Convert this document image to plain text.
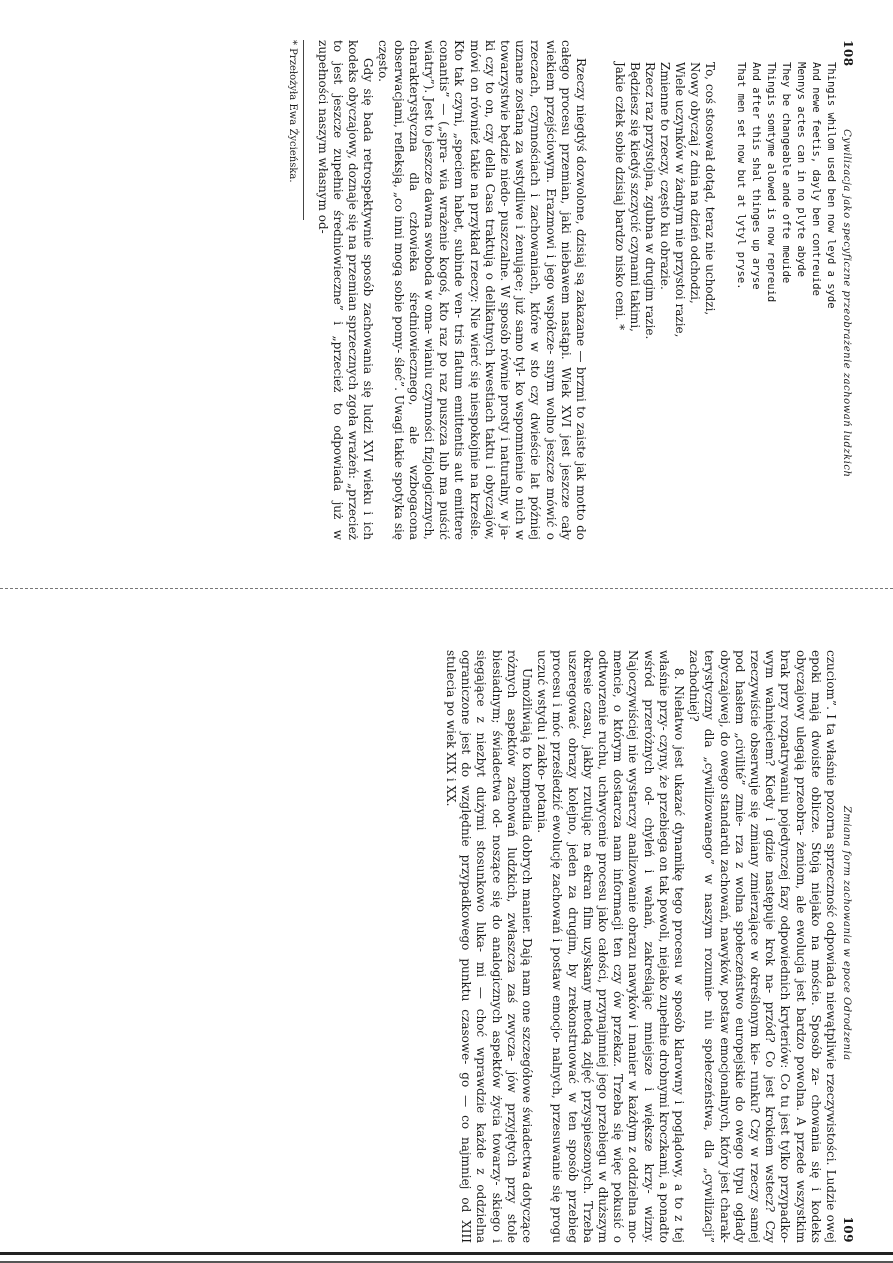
108
Cywilizacja jako specyficzne przeobrażenie zachowań ludzkich
Thingis whilom used ben now leyd a syde
And newe feetis, dayly ben contreuide
Mennys actes can in no plyte abyde
They be changeable ande ofte meuide
Thingis somtyme alowed is now repreuid
And after this shal thinges up aryse
That men set now but at lytyl pryse.
To, coś stosował dotąd, teraz nie uchodzi,
Nowy obyczaj z dnia na dzień odchodzi,
Wiele uczynków w żadnym nie przystoi razie,
Zmienne to rzeczy, często ku obrazie.
Rzecz raz przystojna, zgubna w drugim razie.
Będziesz się kiedyś szczycić czynami takimi,
Jakie człek sobie dzisiaj bardzo nisko ceni. *

Rzeczy niegdyś dozwolone, dzisiaj są zakazane — brzmi to zaiste jak motto do całego procesu przemian, jaki niebawem nastąpi. Wiek XVI jest jeszcze cały wiekiem przejściowym. Erazmowi i jego współcze- snym wolno jeszcze mówić o rzeczach, czynnościach i zachowaniach, które w sto czy dwieście lat później uznane zostaną za wstydliwe i żenujące; już samo tyl- ko wspomnienie o nich w towarzystwie będzie niedo- puszczalne. W sposób równie prosty i naturalny, w ja- ki czy to on, czy della Casa traktują o delikatnych kwestiach taktu i obyczajów, mówi on również takie na przykład rzeczy: Nie wierć się niespokojnie na krześle. Kto tak czyni, „speciem habet, subinde ven- tris flatum emittentis aut emittere conantis” — („spra- wia wrażenie kogoś, kto raz po raz puszcza lub ma puścić wiatry”). Jest to jeszcze dawna swoboda w oma- wianiu czynności fizjologicznych, charakterystyczna dla człowieka średniowiecznego, ale wzbogacona obserwacjami, refleksją, „co inni mogą sobie pomy- śleć”. Uwagi takie spotyka się często.

Gdy się bada retrospektywnie sposób zachowania się ludzi XVI wieku i ich kodeks obyczajowy, doznaje się na przemian sprzecznych zgoła wrażeń: „przecież to jest jeszcze zupełnie średniowieczne” i „przecież to odpowiada już w zupełności naszym własnym od-

* Przełożyła Ewa Życieńska.

Zmiana form zachowania w epoce Odrodzenia
109

czuciom”. I ta właśnie pozorna sprzeczność odpowiada niewątpliwie rzeczywistości. Ludzie owej epoki mają dwoiste oblicze. Stoją niejako na moście. Sposób za- chowania się i kodeks obyczajowy ulegają przeobra- żeniom, ale ewolucja jest bardzo powolna. A przede wszystkim brak przy rozpatrywaniu pojedynczej fazy odpowiednich kryteriów: Co tu jest tylko przypadko- wym wahnięciem? Kiedy i gdzie następuje krok na- przód? Co jest krokiem wstecz? Czy rzeczywiście obserwuje się zmiany zmierzające w określonym kie- runku? Czy w rzeczy samej pod hasłem „civilité” zmie- rza z wolna społeczeństwo europejskie do owego typu ogłady obyczajowej, do owego standardu zachowań, nawyków, postaw emocjonalnych, który jest charak- terystyczny dla „cywilizowanego” w naszym rozumie- niu społeczeństwa, dla „cywilizacji” zachodniej?

8. Niełatwo jest ukazać dynamikę tego procesu w sposób klarowny i poglądowy, a to z tej właśnie przy- czyny, że przebiega on tak powoli, niejako zupełnie drobnymi kroczkami, a ponadto wśród przeróżnych od- chyleń i wahań, zakreślając mniejsze i większe krzy- wizny. Najoczywiściej nie wystarczy analizowanie obrazu nawyków i manier w każdym z oddzielna mo- mencie, o którym dostarcza nam informacji ten czy ów przekaz. Trzeba się więc pokusić o odtworzenie ruchu, uchwycenie procesu jako całości, przynajmniej jego przebiegu w dłuższym okresie czasu, jakby rzutując na ekran film uzyskany metodą zdjęć przyspieszonych. Trzeba uszeregować obrazy kolejno, jeden za drugim, by zrekonstruować w ten sposób przebieg procesu i móc prześledzić ewolucję zachowań i postaw emocjo- nalnych, przesuwanie się progu uczuć wstydu i zakło- potania.

Umożliwiają to kompendia dobrych manier. Dają nam one szczegółowe świadectwa dotyczące różnych aspektów zachowań ludzkich, zwłaszcza zaś zwycza- jów przyjętych przy stole biesiadnym; świadectwa od- noszące się do analogicznych aspektów życia towarzy- skiego i sięgające z niezbyt dużymi stosunkowo luka- mi — choć wprawdzie każde z oddzielna ograniczone jest do względnie przypadkowego punktu czasowe- go — co najmniej od XIII stulecia po wiek XIX i XX.
